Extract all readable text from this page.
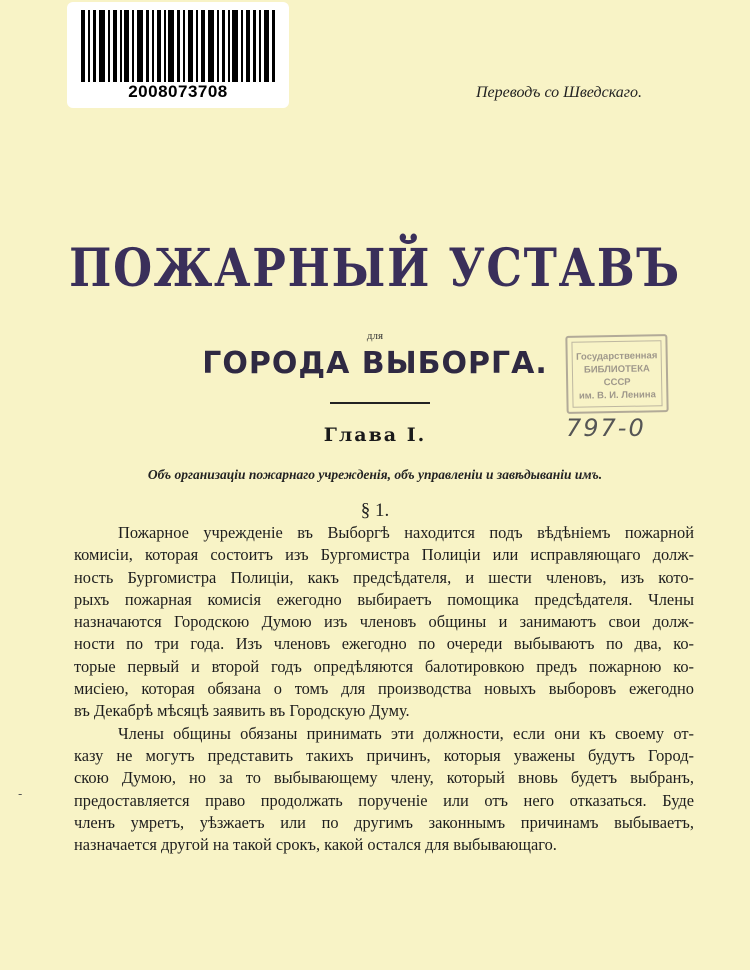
2008073708	Переводъ со Шведскаго.
ПОЖАРНЫЙ УСТАВЪ
для
ГОРОДА ВЫБОРГА.	Государственная
БИБЛИОТЕКА
СССР
им. В. И. Ленина
Глава I.	797-0
Объ организаціи пожарнаго учрежденія, объ управленіи и завѣдываніи имъ.
§ 1.
Пожарное учрежденіе въ Выборгѣ находится подъ вѣдѣніемъ пожарной
комисіи, которая состоитъ изъ Бургомистра Полиціи или исправляющаго долж-
ность Бургомистра Полиціи, какъ предсѣдателя, и шести членовъ, изъ кото-
рыхъ пожарная комисія ежегодно выбираетъ помощика предсѣдателя. Члены
назначаются Городскою Думою изъ членовъ общины и занимаютъ свои долж-
ности по три года. Изъ членовъ ежегодно по очереди выбываютъ по два, ко-
торые первый и второй годъ опредѣляются балотировкою предъ пожарною ко-
мисіею, которая обязана о томъ для производства новыхъ выборовъ ежегодно
въ Декабрѣ мѣсяцѣ заявить въ Городскую Думу.
Члены общины обязаны принимать эти должности, если они къ своему от-
казу не могутъ представить такихъ причинъ, которыя уважены будутъ Город-
скою Думою, но за то выбывающему члену, который вновь будетъ выбранъ,
предоставляется право продолжать порученіе или отъ него отказаться. Буде
членъ умретъ, уѣзжаетъ или по другимъ законнымъ причинамъ выбываетъ,
назначается другой на такой срокъ, какой остался для выбывающаго.
-
